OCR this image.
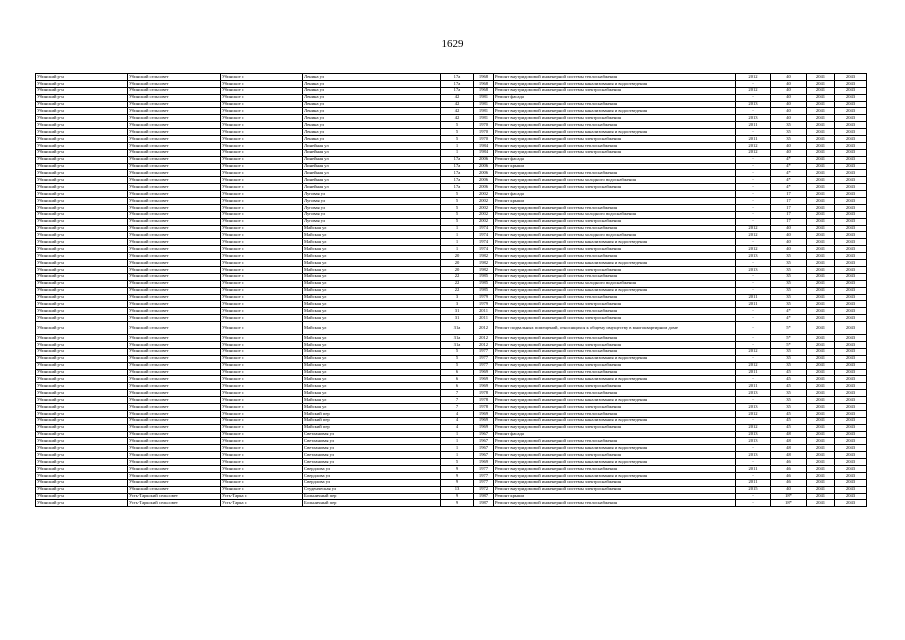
1629
Убинский р-н	Убинский сельсовет	Убинское с	Ленина ул	17а	1968	Ремонт внутридомовой инженерной системы теплоснабжения	2012	40	2041	2043
Убинский р-н	Убинский сельсовет	Убинское с	Ленина ул	17а	1968	Ремонт внутридомовой инженерной системы канализования и водоотведения	-	40	2041	2043
Убинский р-н	Убинский сельсовет	Убинское с	Ленина ул	17а	1968	Ремонт внутридомовой инженерной системы электроснабжения	2012	40	2041	2043
Убинский р-н	Убинский сельсовет	Убинское с	Ленина ул	42	1981	Ремонт фасада	-	40	2041	2043
Убинский р-н	Убинский сельсовет	Убинское с	Ленина ул	42	1981	Ремонт внутридомовой инженерной системы теплоснабжения	2013	40	2041	2043
Убинский р-н	Убинский сельсовет	Убинское с	Ленина ул	42	1981	Ремонт внутридомовой инженерной системы канализования и водоотведения	-	40	2041	2043
Убинский р-н	Убинский сельсовет	Убинское с	Ленина ул	42	1981	Ремонт внутридомовой инженерной системы электроснабжения	2013	40	2041	2043
Убинский р-н	Убинский сельсовет	Убинское с	Ленина ул	5	1970	Ремонт внутридомовой инженерной системы теплоснабжения	2011	35	2041	2043
Убинский р-н	Убинский сельсовет	Убинское с	Ленина ул	5	1970	Ремонт внутридомовой инженерной системы канализования и водоотведения	-	35	2041	2043
Убинский р-н	Убинский сельсовет	Убинское с	Ленина ул	5	1970	Ремонт внутридомовой инженерной системы электроснабжения	2011	35	2041	2043
Убинский р-н	Убинский сельсовет	Убинское с	Линейная ул	1	1984	Ремонт внутридомовой инженерной системы теплоснабжения	2012	40	2041	2043
Убинский р-н	Убинский сельсовет	Убинское с	Линейная ул	1	1984	Ремонт внутридомовой инженерной системы электроснабжения	2012	40	2041	2043
Убинский р-н	Убинский сельсовет	Убинское с	Линейная ул	17а	2006	Ремонт фасада	-	4*	2041	2043
Убинский р-н	Убинский сельсовет	Убинское с	Линейная ул	17а	2006	Ремонт крыши	-	4*	2041	2043
Убинский р-н	Убинский сельсовет	Убинское с	Линейная ул	17а	2006	Ремонт внутридомовой инженерной системы теплоснабжения	-	4*	2041	2043
Убинский р-н	Убинский сельсовет	Убинское с	Линейная ул	17а	2006	Ремонт внутридомовой инженерной системы холодного водоснабжения	-	4*	2041	2043
Убинский р-н	Убинский сельсовет	Убинское с	Линейная ул	17а	2006	Ремонт внутридомовой инженерной системы электроснабжения	-	4*	2041	2043
Убинский р-н	Убинский сельсовет	Убинское с	Луговая ул	5	2002	Ремонт фасада	-	17	2041	2043
Убинский р-н	Убинский сельсовет	Убинское с	Луговая ул	5	2002	Ремонт крыши	-	17	2041	2043
Убинский р-н	Убинский сельсовет	Убинское с	Луговая ул	5	2002	Ремонт внутридомовой инженерной системы теплоснабжения	-	17	2041	2043
Убинский р-н	Убинский сельсовет	Убинское с	Луговая ул	5	2002	Ремонт внутридомовой инженерной системы холодного водоснабжения	-	17	2041	2043
Убинский р-н	Убинский сельсовет	Убинское с	Луговая ул	5	2002	Ремонт внутридомовой инженерной системы электроснабжения	-	17	2041	2043
Убинский р-н	Убинский сельсовет	Убинское с	Майская ул	1	1974	Ремонт внутридомовой инженерной системы теплоснабжения	2012	40	2041	2043
Убинский р-н	Убинский сельсовет	Убинское с	Майская ул	1	1974	Ремонт внутридомовой инженерной системы холодного водоснабжения	2012	40	2041	2043
Убинский р-н	Убинский сельсовет	Убинское с	Майская ул	1	1974	Ремонт внутридомовой инженерной системы канализования и водоотведения	-	40	2041	2043
Убинский р-н	Убинский сельсовет	Убинское с	Майская ул	1	1974	Ремонт внутридомовой инженерной системы электроснабжения	2012	40	2041	2043
Убинский р-н	Убинский сельсовет	Убинское с	Майская ул	20	1982	Ремонт внутридомовой инженерной системы теплоснабжения	2013	35	2041	2043
Убинский р-н	Убинский сельсовет	Убинское с	Майская ул	20	1982	Ремонт внутридомовой инженерной системы канализования и водоотведения	-	35	2041	2043
Убинский р-н	Убинский сельсовет	Убинское с	Майская ул	20	1982	Ремонт внутридомовой инженерной системы электроснабжения	2013	35	2041	2043
Убинский р-н	Убинский сельсовет	Убинское с	Майская ул	22	1985	Ремонт внутридомовой инженерной системы теплоснабжения	-	35	2041	2043
Убинский р-н	Убинский сельсовет	Убинское с	Майская ул	22	1985	Ремонт внутридомовой инженерной системы холодного водоснабжения	-	35	2041	2043
Убинский р-н	Убинский сельсовет	Убинское с	Майская ул	22	1985	Ремонт внутридомовой инженерной системы канализования и водоотведения	-	35	2041	2043
Убинский р-н	Убинский сельсовет	Убинское с	Майская ул	3	1979	Ремонт внутридомовой инженерной системы теплоснабжения	2011	35	2041	2043
Убинский р-н	Убинский сельсовет	Убинское с	Майская ул	3	1979	Ремонт внутридомовой инженерной системы электроснабжения	2011	35	2041	2043
Убинский р-н	Убинский сельсовет	Убинское с	Майская ул	31	2011	Ремонт внутридомовой инженерной системы теплоснабжения	-	4*	2041	2043
Убинский р-н	Убинский сельсовет	Убинское с	Майская ул	31	2011	Ремонт внутридомовой инженерной системы электроснабжения	-	4*	2041	2043
Убинский р-н	Убинский сельсовет	Убинское с	Майская ул	31а	2012	Ремонт подвальных помещений, относящихся к общему имуществу в многоквартирном доме	-	5*	2041	2043
Убинский р-н	Убинский сельсовет	Убинское с	Майская ул	31а	2012	Ремонт внутридомовой инженерной системы теплоснабжения	-	5*	2041	2043
Убинский р-н	Убинский сельсовет	Убинское с	Майская ул	31а	2012	Ремонт внутридомовой инженерной системы электроснабжения	-	5*	2041	2043
Убинский р-н	Убинский сельсовет	Убинское с	Майская ул	5	1977	Ремонт внутридомовой инженерной системы теплоснабжения	2012	35	2041	2043
Убинский р-н	Убинский сельсовет	Убинское с	Майская ул	5	1977	Ремонт внутридомовой инженерной системы канализования и водоотведения	-	35	2041	2043
Убинский р-н	Убинский сельсовет	Убинское с	Майская ул	5	1977	Ремонт внутридомовой инженерной системы электроснабжения	2012	35	2041	2043
Убинский р-н	Убинский сельсовет	Убинское с	Майская ул	6	1969	Ремонт внутридомовой инженерной системы теплоснабжения	2011	45	2041	2043
Убинский р-н	Убинский сельсовет	Убинское с	Майская ул	6	1969	Ремонт внутридомовой инженерной системы канализования и водоотведения	-	45	2041	2043
Убинский р-н	Убинский сельсовет	Убинское с	Майская ул	6	1969	Ремонт внутридомовой инженерной системы электроснабжения	2011	45	2041	2043
Убинский р-н	Убинский сельсовет	Убинское с	Майская ул	7	1978	Ремонт внутридомовой инженерной системы теплоснабжения	2013	35	2041	2043
Убинский р-н	Убинский сельсовет	Убинское с	Майская ул	7	1978	Ремонт внутридомовой инженерной системы канализования и водоотведения	-	35	2041	2043
Убинский р-н	Убинский сельсовет	Убинское с	Майская ул	7	1978	Ремонт внутридомовой инженерной системы электроснабжения	2013	35	2041	2043
Убинский р-н	Убинский сельсовет	Убинское с	Майский пер	4	1969	Ремонт внутридомовой инженерной системы теплоснабжения	2012	45	2041	2043
Убинский р-н	Убинский сельсовет	Убинское с	Майский пер	4	1969	Ремонт внутридомовой инженерной системы канализования и водоотведения	-	45	2041	2043
Убинский р-н	Убинский сельсовет	Убинское с	Майский пер	4	1969	Ремонт внутридомовой инженерной системы электроснабжения	2012	45	2041	2043
Убинский р-н	Убинский сельсовет	Убинское с	Светлановая ул	1	1967	Ремонт фасада	2013	48	2041	2043
Убинский р-н	Убинский сельсовет	Убинское с	Светлановая ул	1	1967	Ремонт внутридомовой инженерной системы теплоснабжения	2013	48	2041	2043
Убинский р-н	Убинский сельсовет	Убинское с	Светлановая ул	1	1967	Ремонт внутридомовой инженерной системы канализования и водоотведения	-	48	2041	2043
Убинский р-н	Убинский сельсовет	Убинское с	Светлановая ул	1	1967	Ремонт внутридомовой инженерной системы электроснабжения	2013	48	2041	2043
Убинский р-н	Убинский сельсовет	Убинское с	Светлановая ул	5	1969	Ремонт внутридомовой инженерной системы канализования и водоотведения	-	46	2041	2043
Убинский р-н	Убинский сельсовет	Убинское с	Свердлова ул	9	1977	Ремонт внутридомовой инженерной системы теплоснабжения	2011	46	2041	2043
Убинский р-н	Убинский сельсовет	Убинское с	Свердлова ул	9	1977	Ремонт внутридомовой инженерной системы канализования и водоотведения	-	46	2041	2043
Убинский р-н	Убинский сельсовет	Убинское с	Свердлова ул	9	1977	Ремонт внутридомовой инженерной системы электроснабжения	2011	46	2041	2043
Убинский р-н	Убинский сельсовет	Убинское с	Студенческая ул	13	1972	Ремонт внутридомовой инженерной системы электроснабжения	2015	40	2041	2043
Убинский р-н	Усть-Таркский сельсовет	Усть-Тарка с	Больничный пер	9	1987	Ремонт крыши	-	18*	2041	2043
Убинский р-н	Усть-Таркский сельсовет	Усть-Тарка с	Больничный пер	9	1987	Ремонт внутридомовой инженерной системы теплоснабжения	-	18*	2041	2043
